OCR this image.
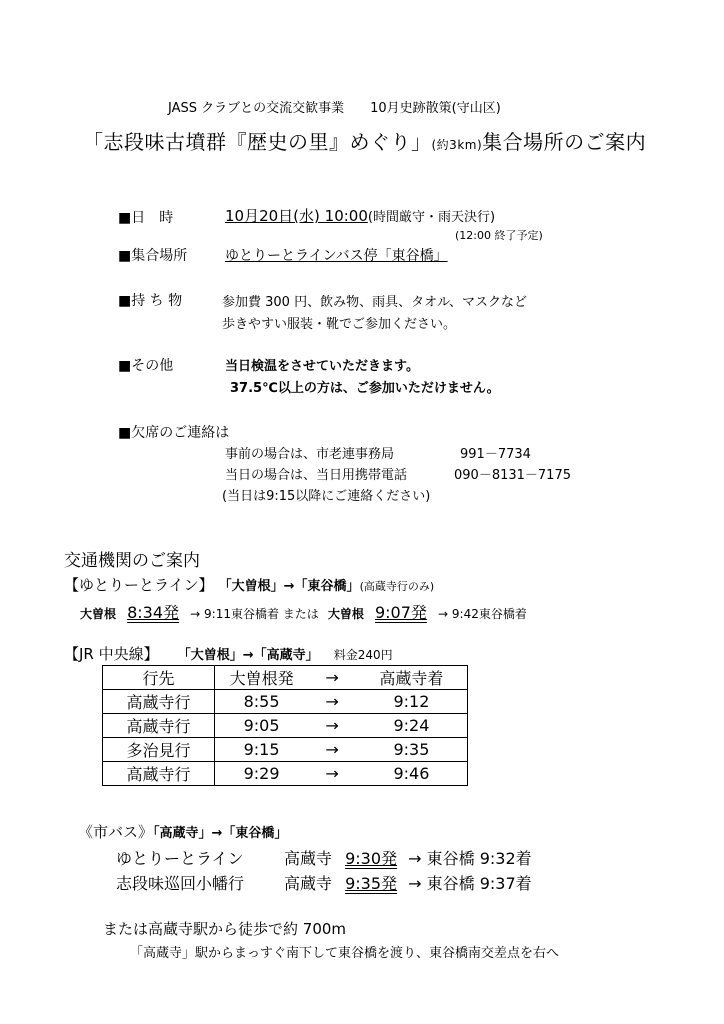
JASS クラブとの交流交歓事業 10月史跡散策(守山区)
「志段味古墳群『歴史の里』めぐり」(約3km)集合場所のご案内
■日　時	10月20日(水) 10:00(時間厳守・雨天決行)
(12:00 終了予定)
■集合場所	ゆとりーとラインバス停「東谷橋」
■持 ち 物	参加費 300 円、飲み物、雨具、タオル、マスクなど
歩きやすい服装・靴でご参加ください。
■その他	当日検温をさせていただきます。
37.5℃以上の方は、ご参加いただけません。
■欠席のご連絡は
事前の場合は、市老連事務局	991－7734
当日の場合は、当日用携帯電話	090－8131－7175
(当日は9:15以降にご連絡ください)
交通機関のご案内
【ゆとりーとライン】 「大曽根」→「東谷橋」(高蔵寺行のみ)
大曽根 8:34発 → 9:11東谷橋着 または 大曽根 9:07発 → 9:42東谷橋着
【JR 中央線】 「大曽根」→「高蔵寺」 料金240円
行先	大曽根発	→	高蔵寺着
高蔵寺行	8:55	→	9:12
高蔵寺行	9:05	→	9:24
多治見行	9:15	→	9:35
高蔵寺行	9:29	→	9:46
《市バス》「高蔵寺」→「東谷橋」
ゆとりーとライン	高蔵寺 9:30発 → 東谷橋 9:32着
志段味巡回小幡行 高蔵寺 9:35発 → 東谷橋 9:37着
または高蔵寺駅から徒歩で約 700m
「高蔵寺」駅からまっすぐ南下して東谷橋を渡り、東谷橋南交差点を右へ
